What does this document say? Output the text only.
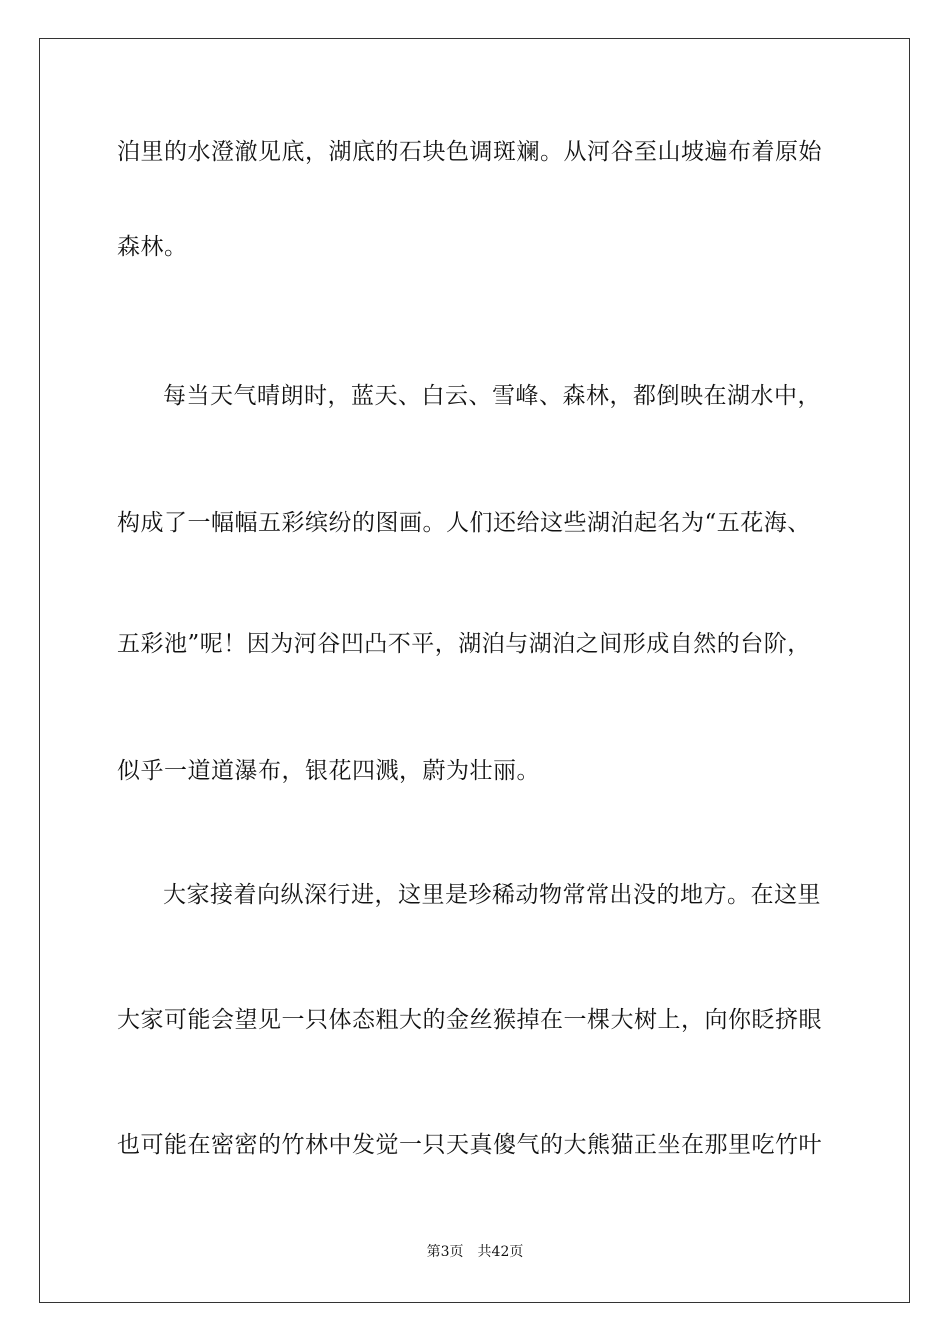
泊里的水澄澈见底，湖底的石块色调斑斓。从河谷至山坡遍布着原始
森林。
每当天气晴朗时，蓝天、白云、雪峰、森林，都倒映在湖水中，
构成了一幅幅五彩缤纷的图画。人们还给这些湖泊起名为“五花海、
五彩池”呢！因为河谷凹凸不平，湖泊与湖泊之间形成自然的台阶，
似乎一道道瀑布，银花四溅，蔚为壮丽。
大家接着向纵深行进，这里是珍稀动物常常出没的地方。在这里
大家可能会望见一只体态粗大的金丝猴掉在一棵大树上，向你眨挤眼
也可能在密密的竹林中发觉一只天真傻气的大熊猫正坐在那里吃竹叶
第3页 共42页
